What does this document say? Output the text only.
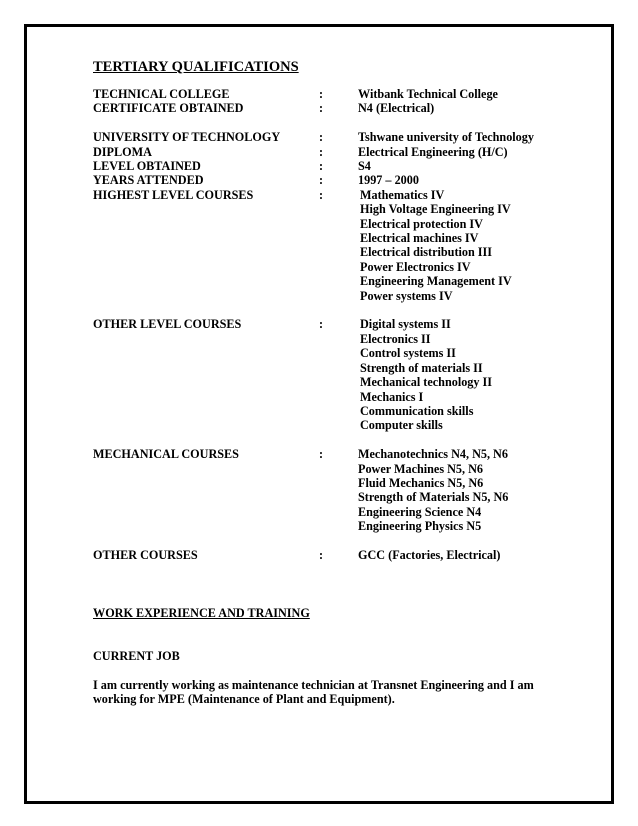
TERTIARY QUALIFICATIONS
TECHNICAL COLLEGE	:	Witbank Technical College
CERTIFICATE OBTAINED	:	N4 (Electrical)
UNIVERSITY OF TECHNOLOGY	:	Tshwane university of Technology
DIPLOMA	:	Electrical Engineering (H/C)
LEVEL OBTAINED	:	S4
YEARS ATTENDED	:	1997 – 2000
HIGHEST LEVEL COURSES	:	Mathematics IV
High Voltage Engineering IV
Electrical protection IV
Electrical machines IV
Electrical distribution III
Power Electronics IV
Engineering Management IV
Power systems IV
OTHER LEVEL COURSES	:	Digital systems II
Electronics II
Control systems II
Strength of materials II
Mechanical technology II
Mechanics I
Communication skills
Computer skills
MECHANICAL COURSES	:	Mechanotechnics N4, N5, N6
Power Machines N5, N6
Fluid Mechanics N5, N6
Strength of Materials N5, N6
Engineering Science N4
Engineering Physics N5
OTHER COURSES	:	GCC (Factories, Electrical)
WORK EXPERIENCE AND TRAINING
CURRENT JOB
I am currently working as maintenance technician at Transnet Engineering and I am working for MPE (Maintenance of Plant and Equipment).
